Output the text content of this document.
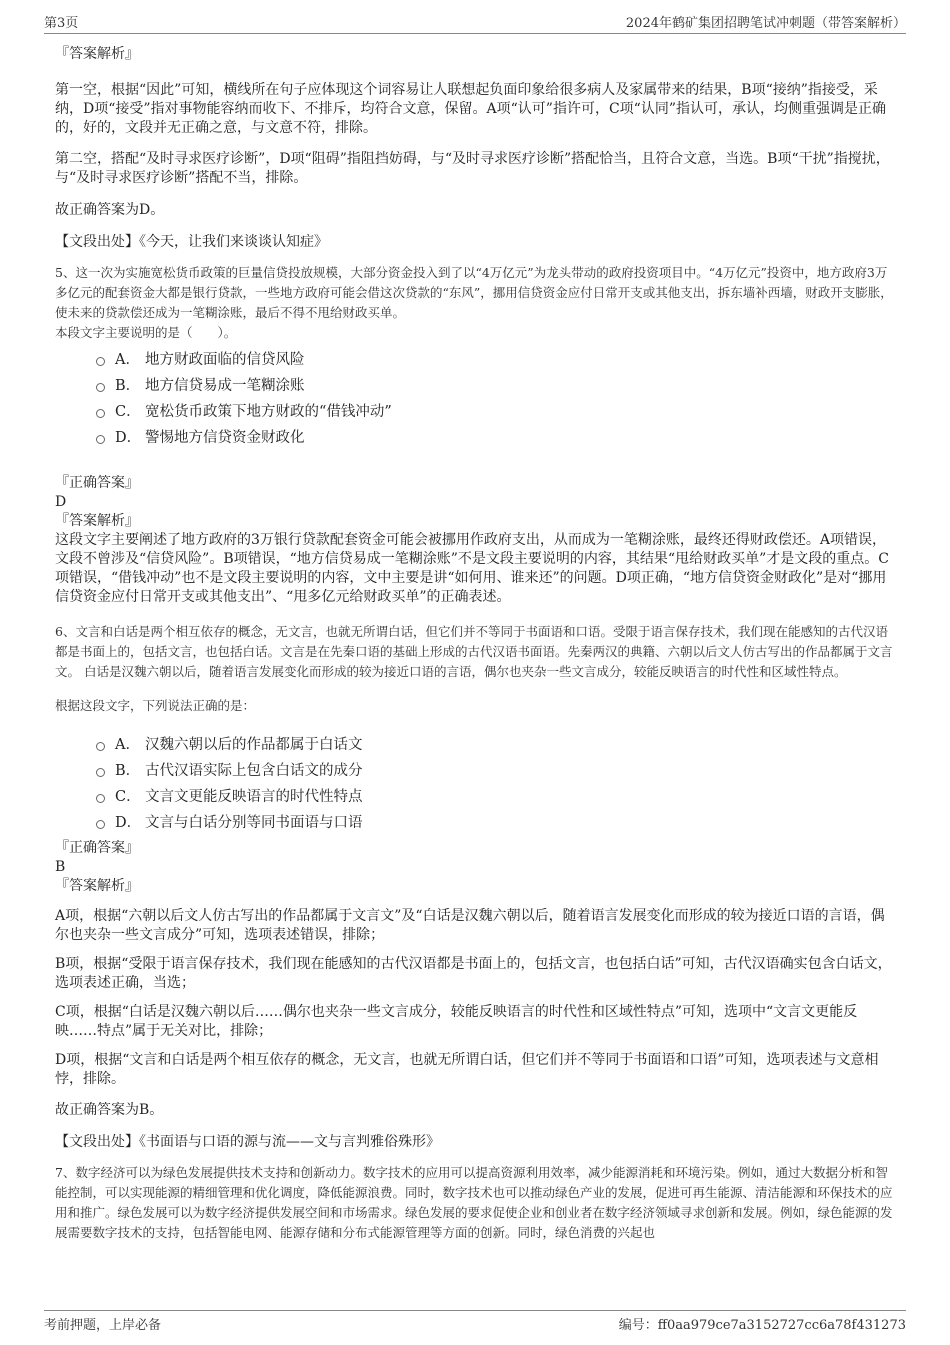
第3页	2024年鹤矿集团招聘笔试冲刺题（带答案解析）
『答案解析』
第一空，根据“因此”可知，横线所在句子应体现这个词容易让人联想起负面印象给很多病人及家属带来的结果，B项“接纳”指接受，采纳，D项“接受”指对事物能容纳而收下、不排斥，均符合文意，保留。A项“认可”指许可，C项“认同”指认可，承认，均侧重强调是正确的，好的，文段并无正确之意，与文意不符，排除。
第二空，搭配“及时寻求医疗诊断”，D项“阻碍”指阻挡妨碍，与“及时寻求医疗诊断”搭配恰当，且符合文意，当选。B项“干扰”指搅扰，与“及时寻求医疗诊断”搭配不当，排除。
故正确答案为D。
【文段出处】《今天，让我们来谈谈认知症》
5、这一次为实施宽松货币政策的巨量信贷投放规模，大部分资金投入到了以“4万亿元”为龙头带动的政府投资项目中。“4万亿元”投资中，地方政府3万多亿元的配套资金大都是银行贷款，一些地方政府可能会借这次贷款的“东风”，挪用信贷资金应付日常开支或其他支出，拆东墙补西墙，财政开支膨胀，使未来的贷款偿还成为一笔糊涂账，最后不得不甩给财政买单。
本段文字主要说明的是（　　）。
A． 地方财政面临的信贷风险
B． 地方信贷易成一笔糊涂账
C． 宽松货币政策下地方财政的“借钱冲动”
D． 警惕地方信贷资金财政化
『正确答案』
D
『答案解析』
这段文字主要阐述了地方政府的3万银行贷款配套资金可能会被挪用作政府支出，从而成为一笔糊涂账，最终还得财政偿还。A项错误，文段不曾涉及“信贷风险”。B项错误，“地方信贷易成一笔糊涂账”不是文段主要说明的内容，其结果“甩给财政买单”才是文段的重点。C项错误，“借钱冲动”也不是文段主要说明的内容，文中主要是讲“如何用、谁来还”的问题。D项正确，“地方信贷资金财政化”是对“挪用信贷资金应付日常开支或其他支出”、“甩多亿元给财政买单”的正确表述。
6、文言和白话是两个相互依存的概念，无文言，也就无所谓白话，但它们并不等同于书面语和口语。受限于语言保存技术，我们现在能感知的古代汉语都是书面上的，包括文言，也包括白话。文言是在先秦口语的基础上形成的古代汉语书面语。先秦两汉的典籍、六朝以后文人仿古写出的作品都属于文言文。 白话是汉魏六朝以后，随着语言发展变化而形成的较为接近口语的言语，偶尔也夹杂一些文言成分，较能反映语言的时代性和区域性特点。
根据这段文字，下列说法正确的是：
A． 汉魏六朝以后的作品都属于白话文
B． 古代汉语实际上包含白话文的成分
C． 文言文更能反映语言的时代性特点
D． 文言与白话分别等同书面语与口语
『正确答案』
B
『答案解析』
A项，根据“六朝以后文人仿古写出的作品都属于文言文”及“白话是汉魏六朝以后，随着语言发展变化而形成的较为接近口语的言语，偶尔也夹杂一些文言成分”可知，选项表述错误，排除；
B项，根据“受限于语言保存技术，我们现在能感知的古代汉语都是书面上的，包括文言，也包括白话”可知，古代汉语确实包含白话文，选项表述正确，当选；
C项，根据“白话是汉魏六朝以后……偶尔也夹杂一些文言成分，较能反映语言的时代性和区域性特点”可知，选项中“文言文更能反映……特点”属于无关对比，排除；
D项，根据“文言和白话是两个相互依存的概念，无文言，也就无所谓白话，但它们并不等同于书面语和口语”可知，选项表述与文意相悖，排除。
故正确答案为B。
【文段出处】《书面语与口语的源与流——文与言判雅俗殊形》
7、数字经济可以为绿色发展提供技术支持和创新动力。数字技术的应用可以提高资源利用效率，减少能源消耗和环境污染。例如，通过大数据分析和智能控制，可以实现能源的精细管理和优化调度，降低能源浪费。同时，数字技术也可以推动绿色产业的发展，促进可再生能源、清洁能源和环保技术的应用和推广。绿色发展可以为数字经济提供发展空间和市场需求。绿色发展的要求促使企业和创业者在数字经济领域寻求创新和发展。例如，绿色能源的发展需要数字技术的支持，包括智能电网、能源存储和分布式能源管理等方面的创新。同时，绿色消费的兴起也
考前押题，上岸必备	编号：ff0aa979ce7a3152727cc6a78f431273
